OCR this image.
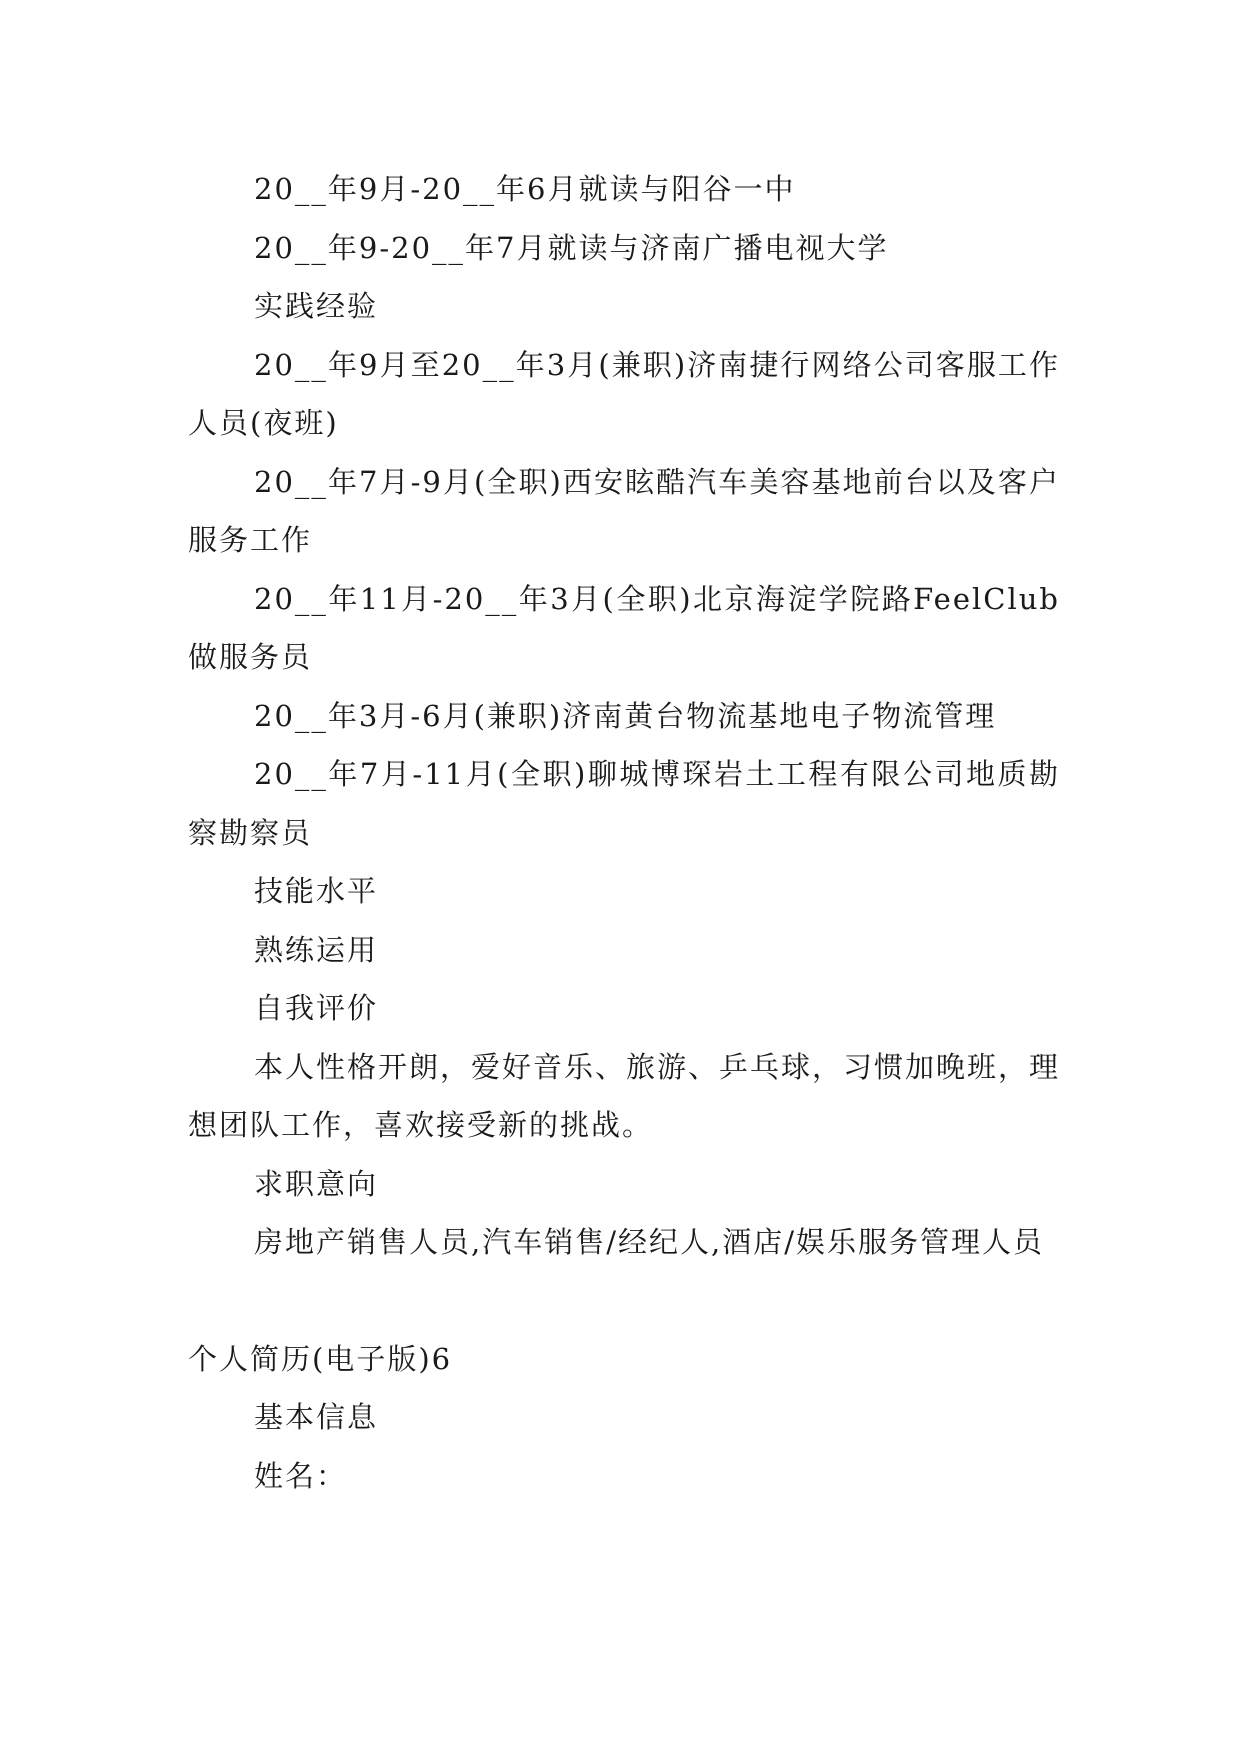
20__年9月-20__年6月就读与阳谷一中

20__年9-20__年7月就读与济南广播电视大学

实践经验

20__年9月至20__年3月(兼职)济南捷行网络公司客服工作人员(夜班)

20__年7月-9月(全职)西安眩酷汽车美容基地前台以及客户服务工作

20__年11月-20__年3月(全职)北京海淀学院路FeelClub做服务员

20__年3月-6月(兼职)济南黄台物流基地电子物流管理

20__年7月-11月(全职)聊城博琛岩土工程有限公司地质勘察勘察员

技能水平

熟练运用

自我评价

本人性格开朗，爱好音乐、旅游、乒乓球，习惯加晚班，理想团队工作，喜欢接受新的挑战。

求职意向

房地产销售人员,汽车销售/经纪人,酒店/娱乐服务管理人员

个人简历(电子版)6

基本信息

姓名：
